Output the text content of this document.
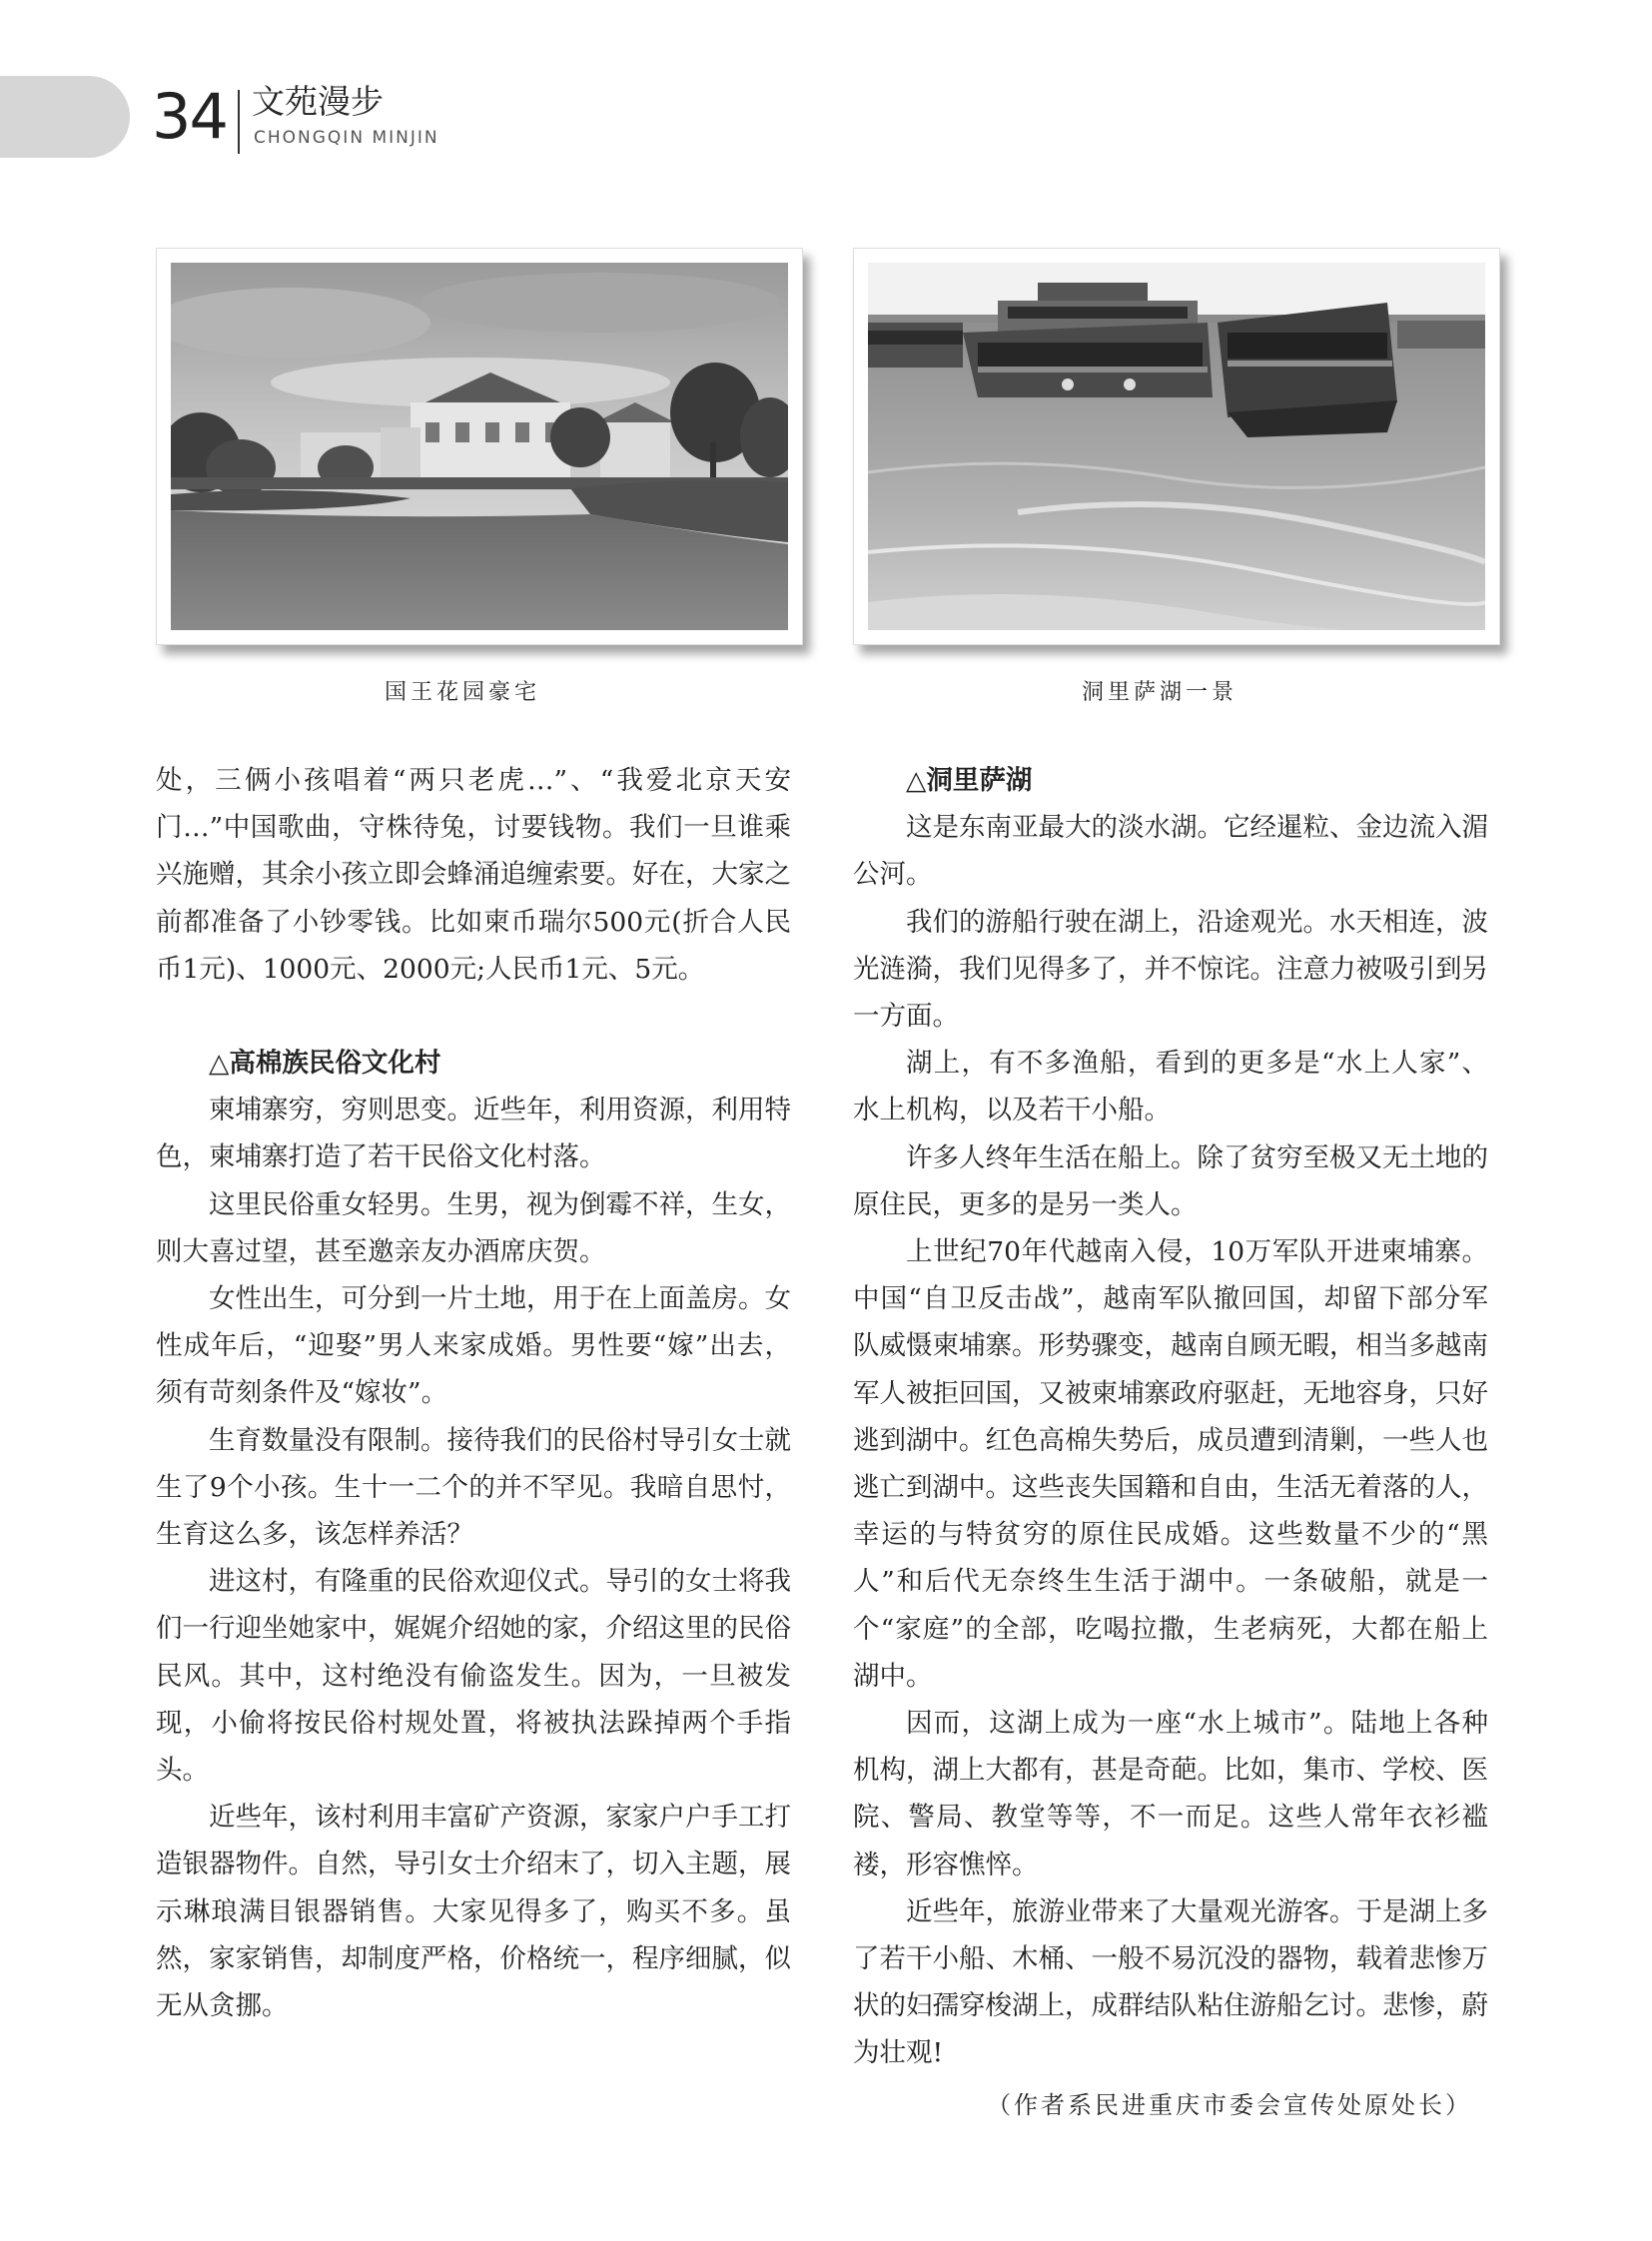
34 文苑漫步
CHONGQIN MINJIN
国王花园豪宅	洞里萨湖一景

处，三俩小孩唱着“两只老虎…”、“我爱北京天安门…”中国歌曲，守株待兔，讨要钱物。我们一旦谁乘兴施赠，其余小孩立即会蜂涌追缠索要。好在，大家之前都准备了小钞零钱。比如柬币瑞尔500元(折合人民币1元)、1000元、2000元;人民币1元、5元。

△高棉族民俗文化村

柬埔寨穷，穷则思变。近些年，利用资源，利用特色，柬埔寨打造了若干民俗文化村落。

这里民俗重女轻男。生男，视为倒霉不祥，生女，则大喜过望，甚至邀亲友办酒席庆贺。

女性出生，可分到一片土地，用于在上面盖房。女性成年后，“迎娶”男人来家成婚。男性要“嫁”出去，须有苛刻条件及“嫁妆”。

生育数量没有限制。接待我们的民俗村导引女士就生了9个小孩。生十一二个的并不罕见。我暗自思忖，生育这么多，该怎样养活？

进这村，有隆重的民俗欢迎仪式。导引的女士将我们一行迎坐她家中，娓娓介绍她的家，介绍这里的民俗民风。其中，这村绝没有偷盗发生。因为，一旦被发现，小偷将按民俗村规处置，将被执法跺掉两个手指头。

近些年，该村利用丰富矿产资源，家家户户手工打造银器物件。自然，导引女士介绍末了，切入主题，展示琳琅满目银器销售。大家见得多了，购买不多。虽然，家家销售，却制度严格，价格统一，程序细腻，似无从贪挪。

△洞里萨湖

这是东南亚最大的淡水湖。它经暹粒、金边流入湄公河。

我们的游船行驶在湖上，沿途观光。水天相连，波光涟漪，我们见得多了，并不惊诧。注意力被吸引到另一方面。

湖上，有不多渔船，看到的更多是“水上人家”、水上机构，以及若干小船。

许多人终年生活在船上。除了贫穷至极又无土地的原住民，更多的是另一类人。

上世纪70年代越南入侵，10万军队开进柬埔寨。中国“自卫反击战”，越南军队撤回国，却留下部分军队威慑柬埔寨。形势骤变，越南自顾无暇，相当多越南军人被拒回国，又被柬埔寨政府驱赶，无地容身，只好逃到湖中。红色高棉失势后，成员遭到清剿，一些人也逃亡到湖中。这些丧失国籍和自由，生活无着落的人，幸运的与特贫穷的原住民成婚。这些数量不少的“黑人”和后代无奈终生生活于湖中。一条破船，就是一个“家庭”的全部，吃喝拉撒，生老病死，大都在船上湖中。

因而，这湖上成为一座“水上城市”。陆地上各种机构，湖上大都有，甚是奇葩。比如，集市、学校、医院、警局、教堂等等，不一而足。这些人常年衣衫褴褛，形容憔悴。

近些年，旅游业带来了大量观光游客。于是湖上多了若干小船、木桶、一般不易沉没的器物，载着悲惨万状的妇孺穿梭湖上，成群结队粘住游船乞讨。悲惨，蔚为壮观!

（作者系民进重庆市委会宣传处原处长）
